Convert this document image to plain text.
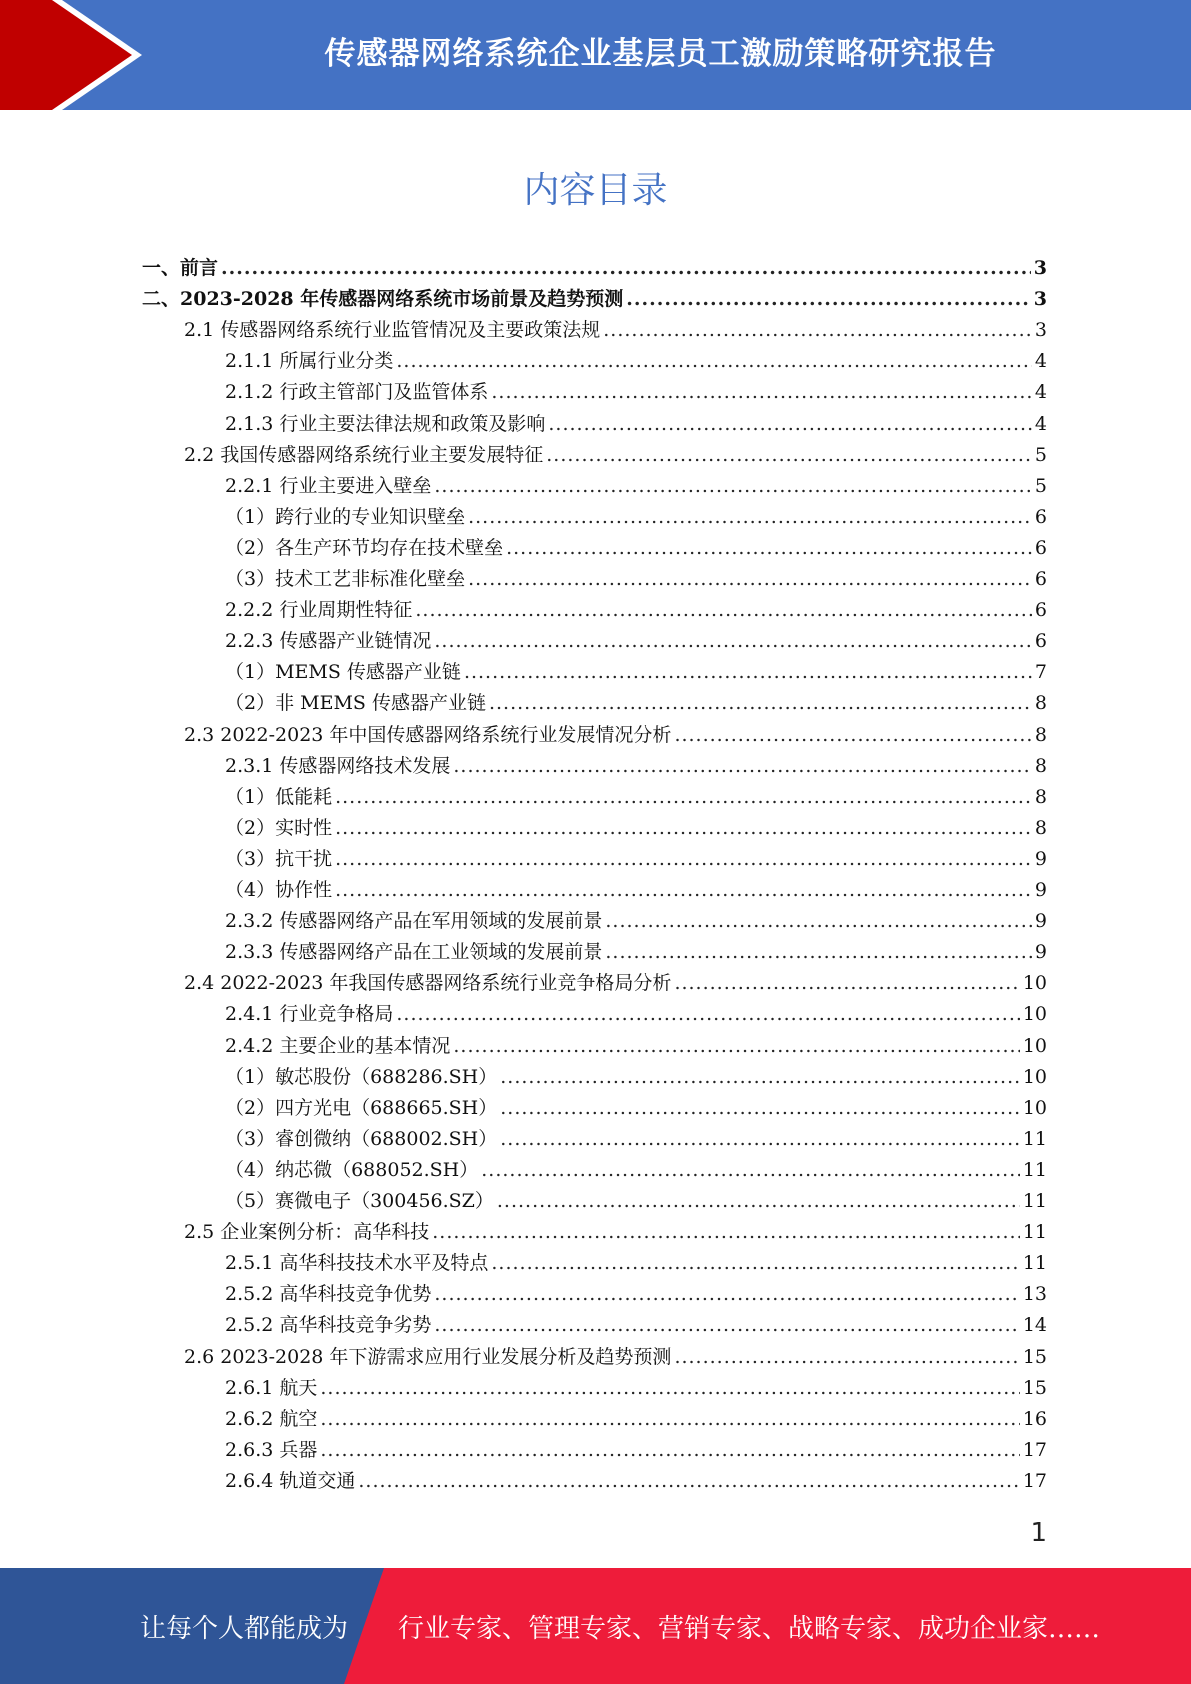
传感器网络系统企业基层员工激励策略研究报告
内容目录
一、前言 .....	3
二、2023-2028 年传感器网络系统市场前景及趋势预测 .....	3
2.1 传感器网络系统行业监管情况及主要政策法规 .....	3
2.1.1 所属行业分类 .....	4
2.1.2 行政主管部门及监管体系 .....	4
2.1.3 行业主要法律法规和政策及影响 .....	4
2.2 我国传感器网络系统行业主要发展特征 .....	5
2.2.1 行业主要进入壁垒 .....	5
（1）跨行业的专业知识壁垒 .....	6
（2）各生产环节均存在技术壁垒 .....	6
（3）技术工艺非标准化壁垒 .....	6
2.2.2 行业周期性特征 .....	6
2.2.3 传感器产业链情况 .....	6
（1）MEMS 传感器产业链 .....	7
（2）非 MEMS 传感器产业链 .....	8
2.3 2022-2023 年中国传感器网络系统行业发展情况分析 .....	8
2.3.1 传感器网络技术发展 .....	8
（1）低能耗 .....	8
（2）实时性 .....	8
（3）抗干扰 .....	9
（4）协作性 .....	9
2.3.2 传感器网络产品在军用领域的发展前景 .....	9
2.3.3 传感器网络产品在工业领域的发展前景 .....	9
2.4 2022-2023 年我国传感器网络系统行业竞争格局分析 .....	10
2.4.1 行业竞争格局 .....	10
2.4.2 主要企业的基本情况 .....	10
（1）敏芯股份（688286.SH） .....	10
（2）四方光电（688665.SH） .....	10
（3）睿创微纳（688002.SH） .....	11
（4）纳芯微（688052.SH） .....	11
（5）赛微电子（300456.SZ） .....	11
2.5 企业案例分析：高华科技 .....	11
2.5.1 高华科技技术水平及特点 .....	11
2.5.2 高华科技竞争优势 .....	13
2.5.2 高华科技竞争劣势 .....	14
2.6 2023-2028 年下游需求应用行业发展分析及趋势预测 .....	15
2.6.1 航天 .....	15
2.6.2 航空 .....	16
2.6.3 兵器 .....	17
2.6.4 轨道交通 .....	17
1
让每个人都能成为 行业专家、管理专家、营销专家、战略专家、成功企业家……
